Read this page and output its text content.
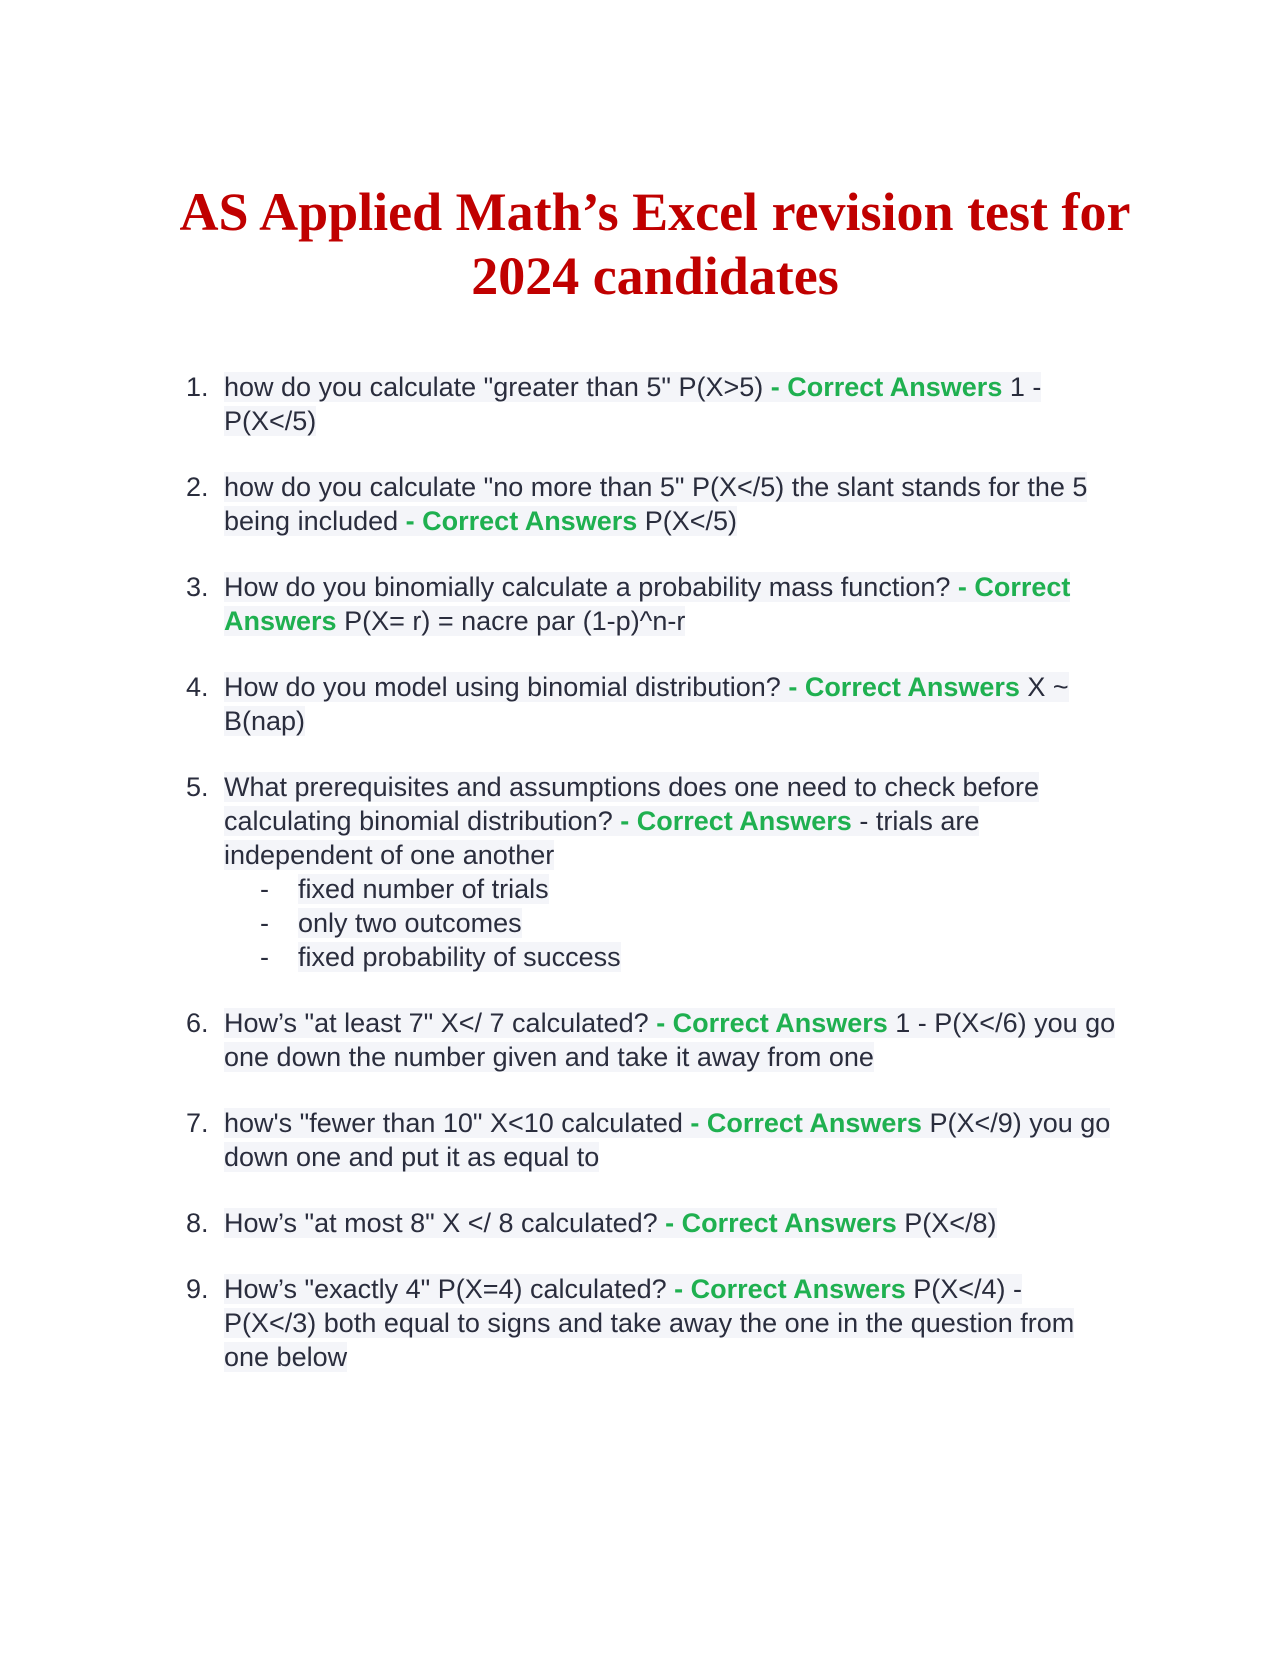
AS Applied Math’s Excel revision test for 2024 candidates
1. how do you calculate "greater than 5" P(X>5) - Correct Answers 1 - P(X</5)
2. how do you calculate "no more than 5" P(X</5) the slant stands for the 5 being included - Correct Answers P(X</5)
3. How do you binomially calculate a probability mass function? - Correct Answers P(X= r) = nacre par (1-p)^n-r
4. How do you model using binomial distribution? - Correct Answers X ~ B(nap)
5. What prerequisites and assumptions does one need to check before calculating binomial distribution? - Correct Answers - trials are independent of one another
- fixed number of trials
- only two outcomes
- fixed probability of success
6. How’s "at least 7" X</ 7 calculated? - Correct Answers 1 - P(X</6) you go one down the number given and take it away from one
7. how's "fewer than 10" X<10 calculated - Correct Answers P(X</9) you go down one and put it as equal to
8. How’s "at most 8" X </ 8 calculated? - Correct Answers P(X</8)
9. How’s "exactly 4" P(X=4) calculated? - Correct Answers P(X</4) - P(X</3) both equal to signs and take away the one in the question from one below
